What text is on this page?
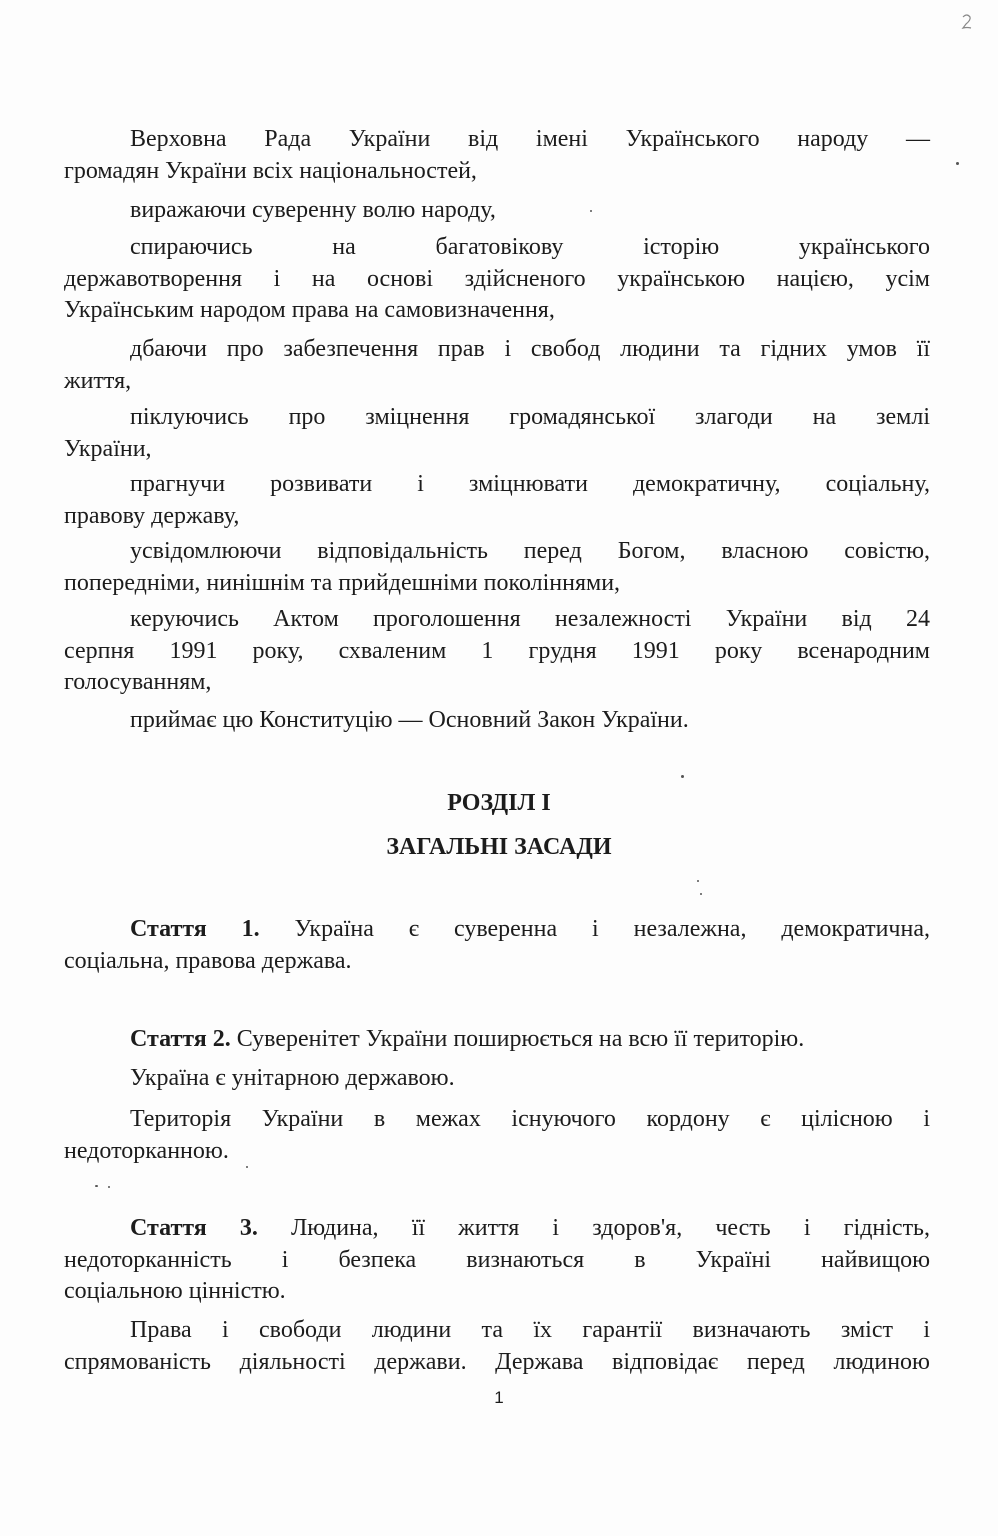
Верховна Рада України від імені Українського народу —
громадян України всіх національностей,
виражаючи суверенну волю народу,
спираючись на багатовікову історію українського
державотворення і на основі здійсненого українською нацією, усім
Українським народом права на самовизначення,
дбаючи про забезпечення прав і свобод людини та гідних умов її
життя,
піклуючись про зміцнення громадянської злагоди на землі
України,
прагнучи розвивати і зміцнювати демократичну, соціальну,
правову державу,
усвідомлюючи відповідальність перед Богом, власною совістю,
попередніми, нинішнім та прийдешніми поколіннями,
керуючись Актом проголошення незалежності України від 24
серпня 1991 року, схваленим 1 грудня 1991 року всенародним
голосуванням,
приймає цю Конституцію — Основний Закон України.
РОЗДІЛ І
ЗАГАЛЬНІ ЗАСАДИ
Стаття 1. Україна є суверенна і незалежна, демократична,
соціальна, правова держава.
Стаття 2. Суверенітет України поширюється на всю її територію.
Україна є унітарною державою.
Територія України в межах існуючого кордону є цілісною і
недоторканною.
Стаття 3. Людина, її життя і здоров'я, честь і гідність,
недоторканність і безпека визнаються в Україні найвищою
соціальною цінністю.
Права і свободи людини та їх гарантії визначають зміст і
спрямованість діяльності держави. Держава відповідає перед людиною
1
